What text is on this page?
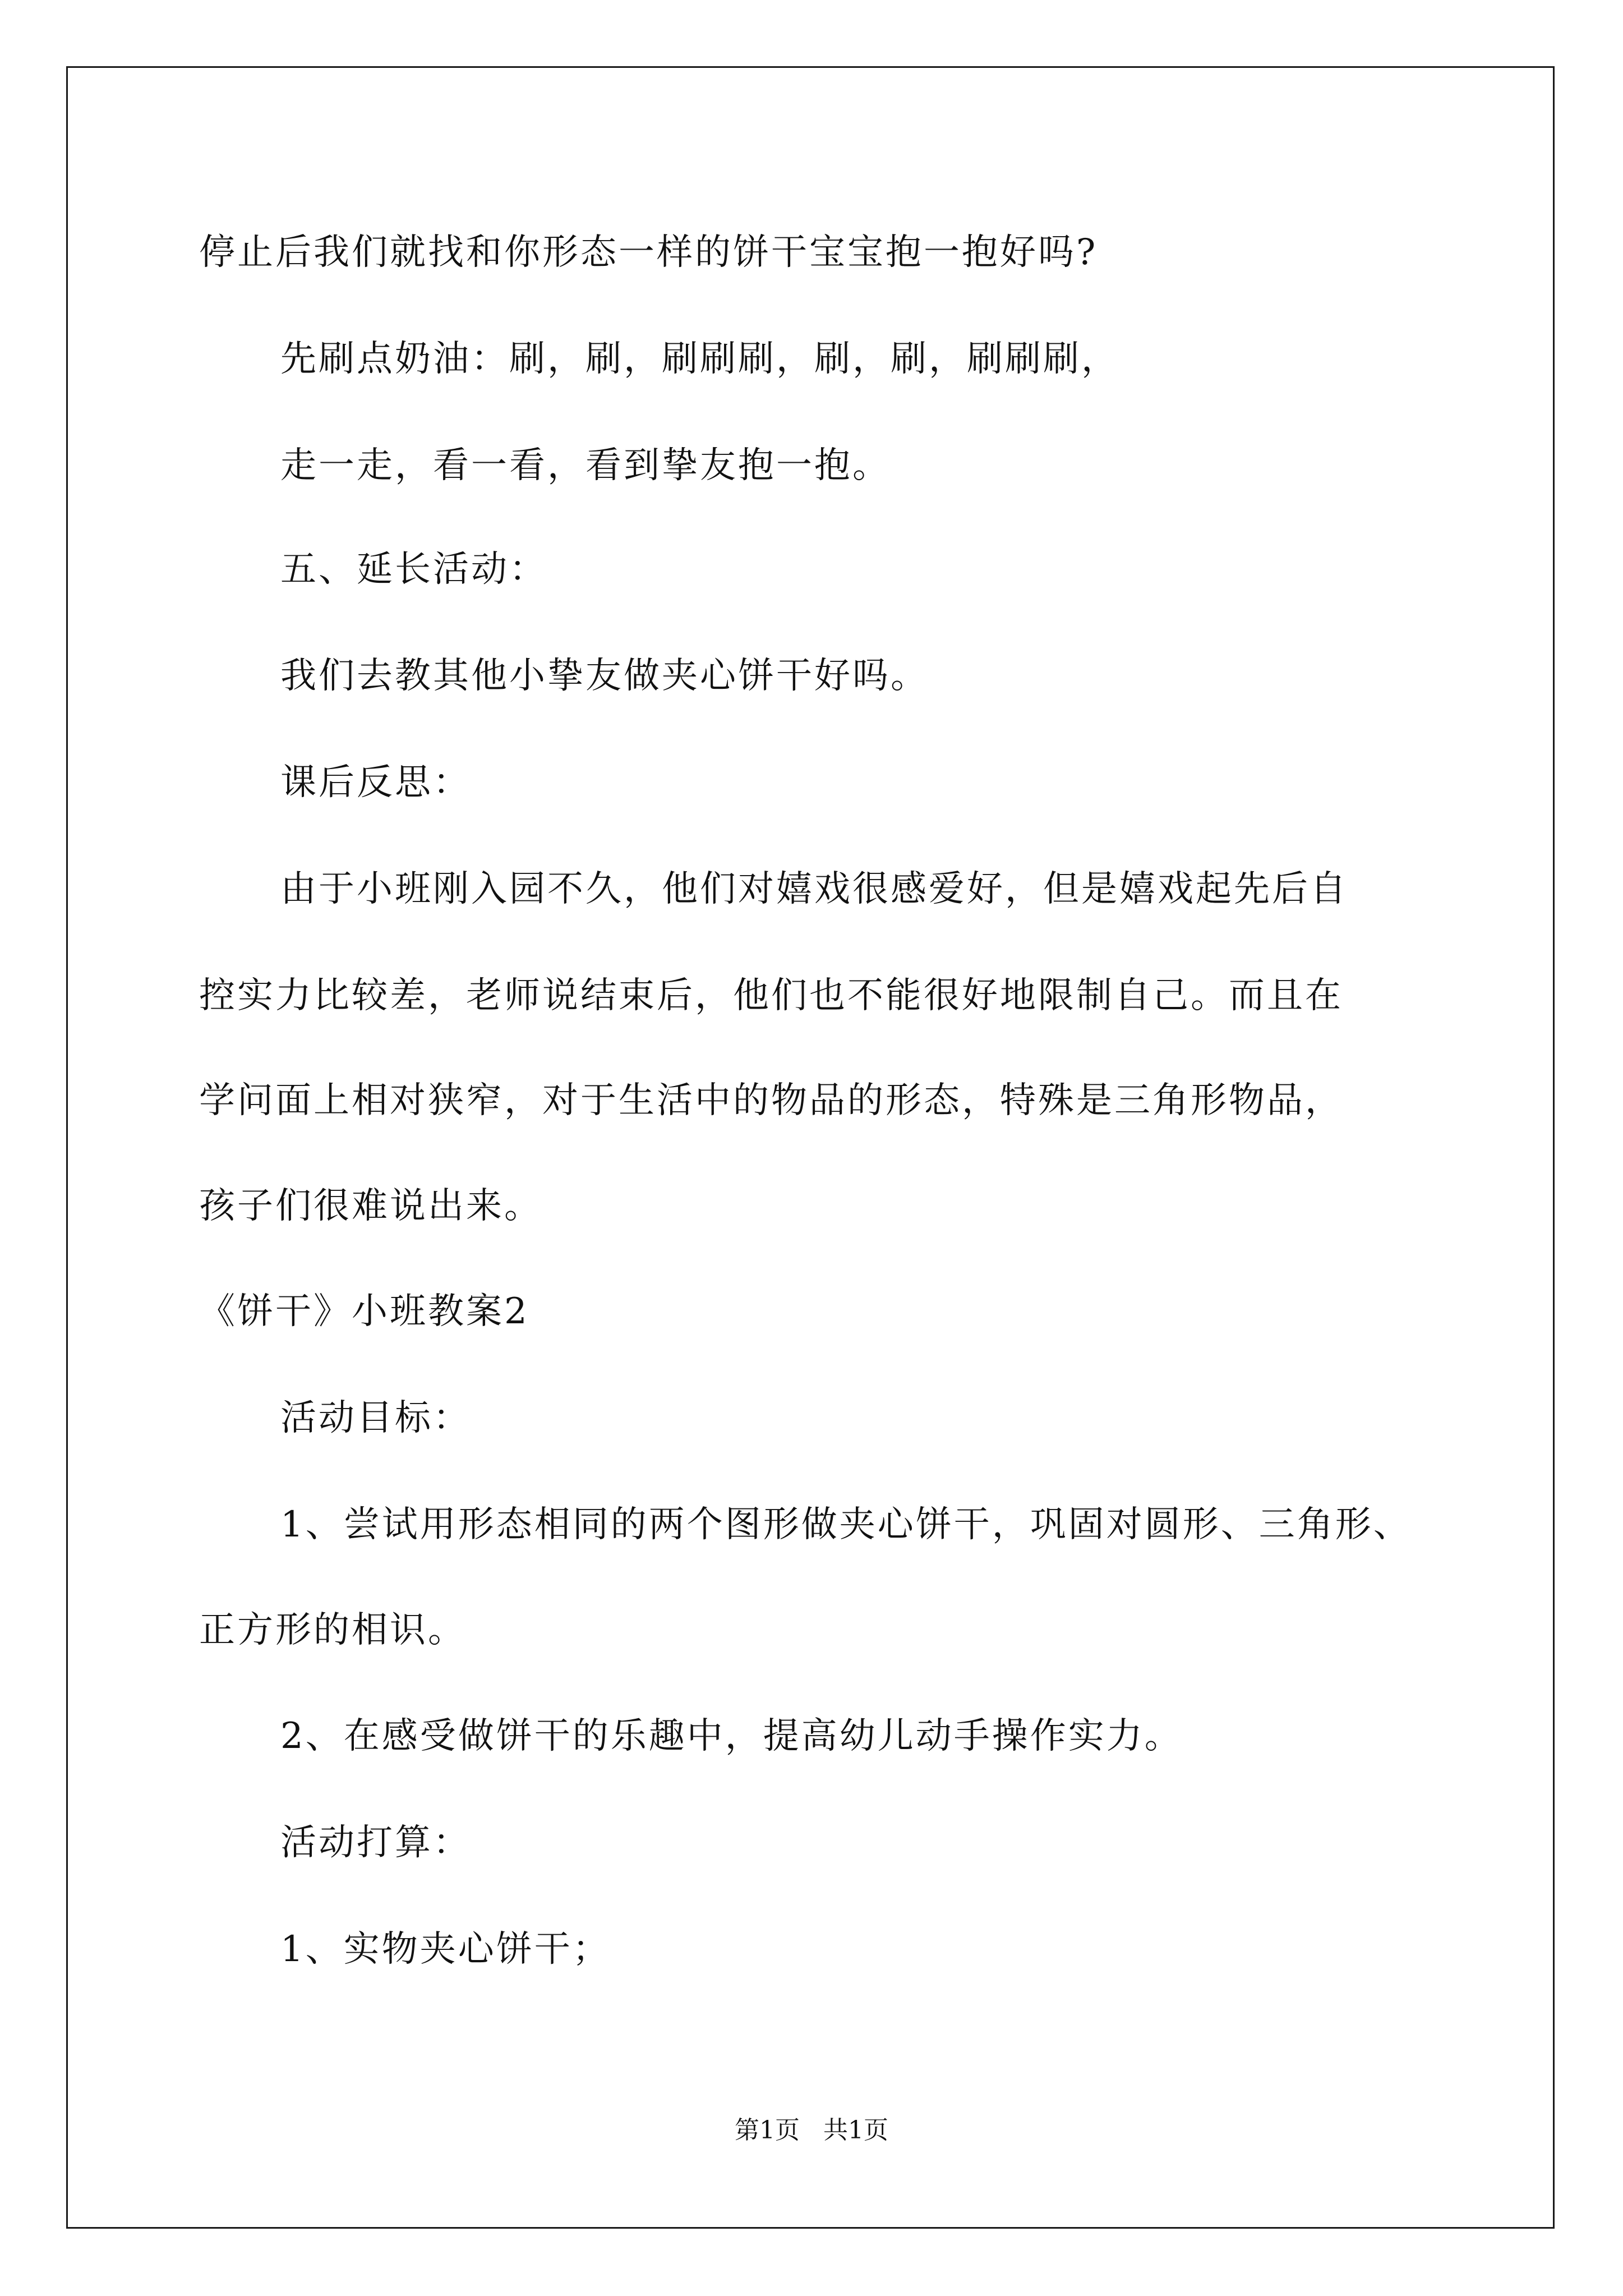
停止后我们就找和你形态一样的饼干宝宝抱一抱好吗?
先刷点奶油：刷，刷，刷刷刷，刷，刷，刷刷刷，
走一走，看一看，看到挚友抱一抱。
五、延长活动：
我们去教其他小挚友做夹心饼干好吗。
课后反思：
由于小班刚入园不久，他们对嬉戏很感爱好，但是嬉戏起先后自
控实力比较差，老师说结束后，他们也不能很好地限制自己。而且在
学问面上相对狭窄，对于生活中的物品的形态，特殊是三角形物品，
孩子们很难说出来。
《饼干》小班教案2
活动目标：
1、尝试用形态相同的两个图形做夹心饼干，巩固对圆形、三角形、
正方形的相识。
2、在感受做饼干的乐趣中，提高幼儿动手操作实力。
活动打算：
1、实物夹心饼干；
第1页   共1页
